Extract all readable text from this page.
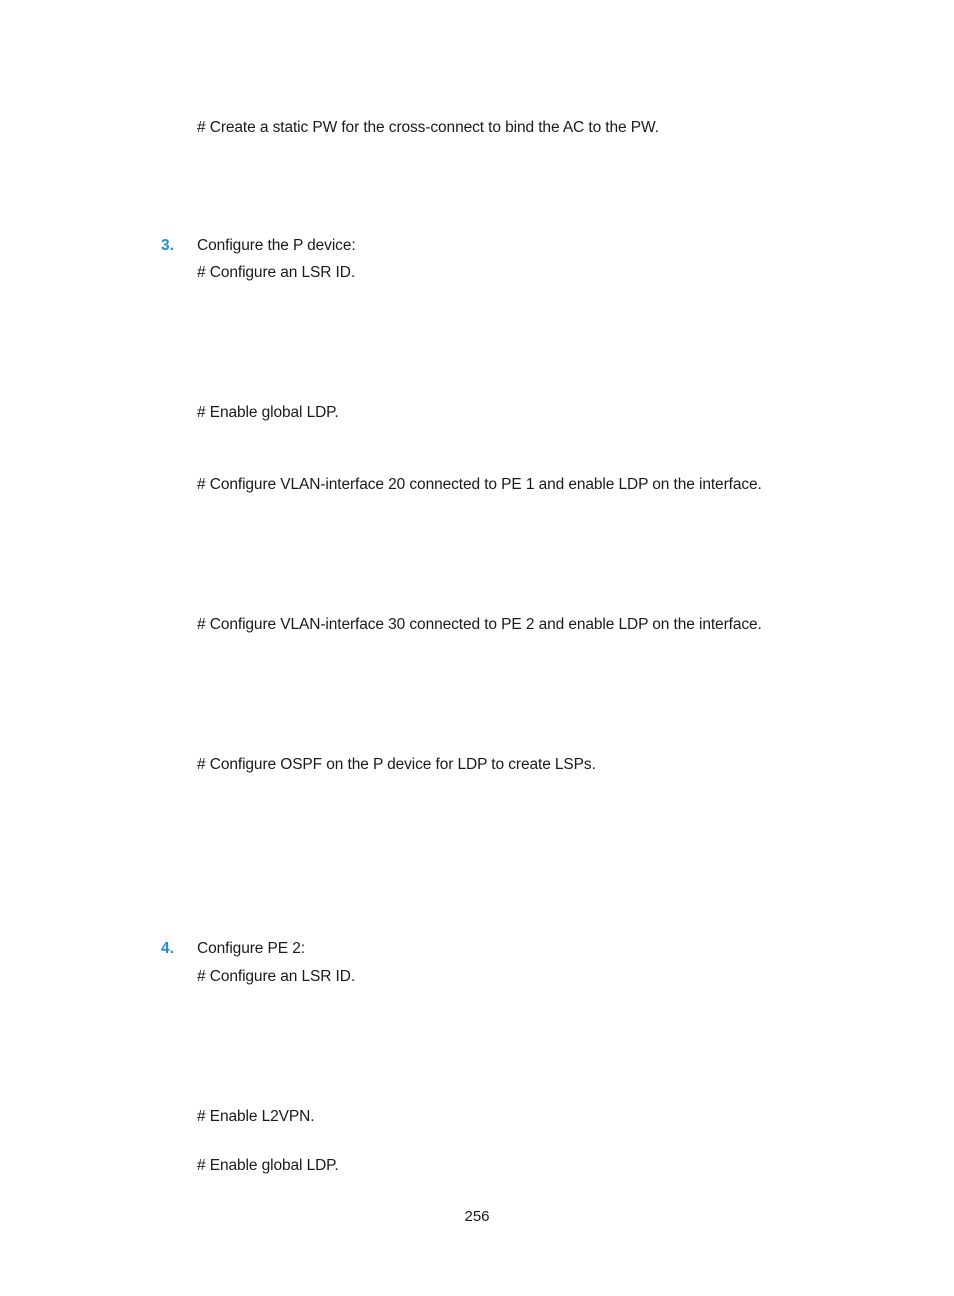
# Create a static PW for the cross-connect to bind the AC to the PW.
3. Configure the P device:
# Configure an LSR ID.
# Enable global LDP.
# Configure VLAN-interface 20 connected to PE 1 and enable LDP on the interface.
# Configure VLAN-interface 30 connected to PE 2 and enable LDP on the interface.
# Configure OSPF on the P device for LDP to create LSPs.
4. Configure PE 2:
# Configure an LSR ID.
# Enable L2VPN.
# Enable global LDP.
256
